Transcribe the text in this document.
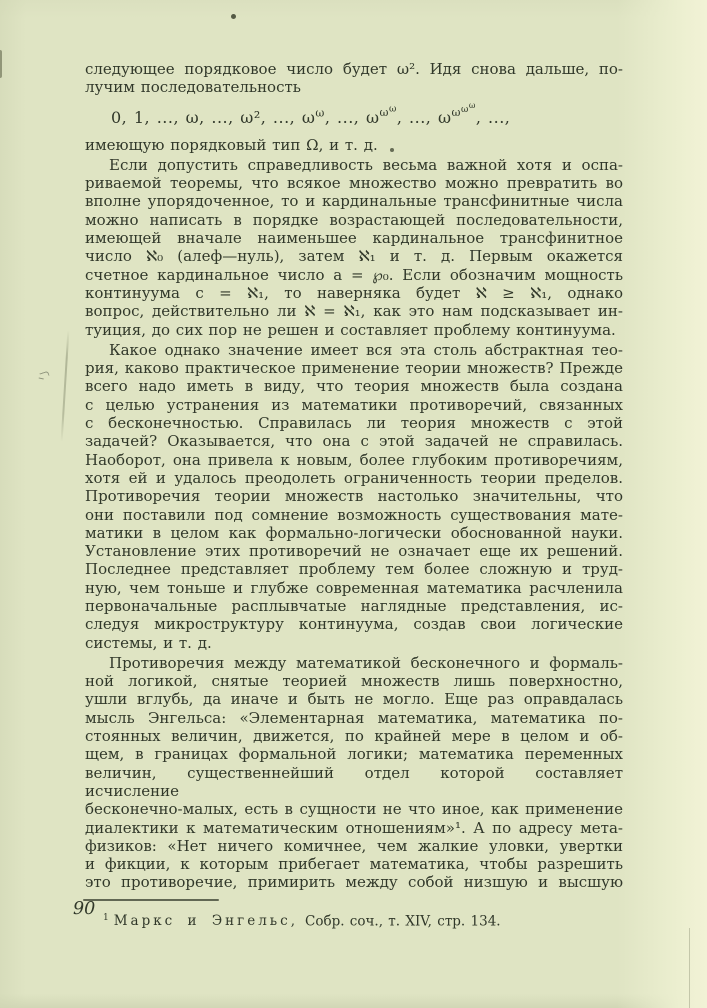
следующее порядковое число будет ω². Идя снова дальше, по-
лучим последовательность
0, 1, ..., ω, ..., ω², ..., $\omega^\omega$, ..., $\omega^{\omega^\omega}$, ..., $\omega^{\omega^{\omega^\omega}}$, ...,
имеющую порядковый тип Ω, и т. д.
Если допустить справедливость весьма важной хотя и оспа-
риваемой теоремы, что всякое множество можно превратить во
вполне упорядоченное, то и кардинальные трансфинитные числа
можно написать в порядке возрастающей последовательности,
имеющей вначале наименьшее кардинальное трансфинитное
число ℵ₀ (алеф—нуль), затем ℵ₁ и т. д. Первым окажется
счетное кардинальное число a = ℘₀. Если обозначим мощность
континуума c = ℵ₁, то наверняка будет ℵ ≥ ℵ₁, однако
вопрос, действительно ли ℵ = ℵ₁, как это нам подсказывает ин-
туиция, до сих пор не решен и составляет проблему континуума.
Какое однако значение имеет вся эта столь абстрактная тео-
рия, каково практическое применение теории множеств? Прежде
всего надо иметь в виду, что теория множеств была создана
с целью устранения из математики противоречий, связанных
с бесконечностью. Справилась ли теория множеств с этой
задачей? Оказывается, что она с этой задачей не справилась.
Наоборот, она привела к новым, более глубоким противоречиям,
хотя ей и удалось преодолеть ограниченность теории пределов.
Противоречия теории множеств настолько значительны, что
они поставили под сомнение возможность существования мате-
матики в целом как формально-логически обоснованной науки.
Установление этих противоречий не означает еще их решений.
Последнее представляет проблему тем более сложную и труд-
ную, чем тоньше и глубже современная математика расчленила
первоначальные расплывчатые наглядные представления, ис-
следуя микроструктуру континуума, создав свои логические
системы, и т. д.
Противоречия между математикой бесконечного и формаль-
ной логикой, снятые теорией множеств лишь поверхностно,
ушли вглубь, да иначе и быть не могло. Еще раз оправдалась
мысль Энгельса: «Элементарная математика, математика по-
стоянных величин, движется, по крайней мере в целом и об-
щем, в границах формальной логики; математика переменных
величин, существеннейший отдел которой составляет исчисление
бесконечно-малых, есть в сущности не что иное, как применение
диалектики к математическим отношениям»¹. А по адресу мета-
физиков: «Нет ничего комичнее, чем жалкие уловки, увертки
и фикции, к которым прибегает математика, чтобы разрешить
это противоречие, примирить между собой низшую и высшую
$^1$ Маркс и Энгельс, Собр. соч., т. XIV, стр. 134.
90
